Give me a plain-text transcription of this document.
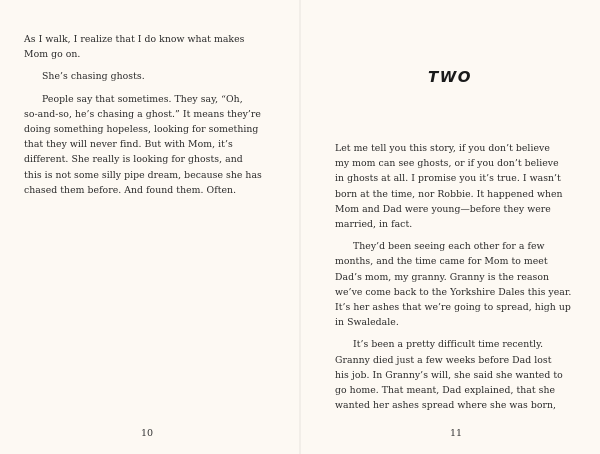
As I walk, I realize that I do know what makes
Mom go on.

She’s chasing ghosts.

People say that sometimes. They say, “Oh,
so-and-so, he’s chasing a ghost.” It means they’re
doing something hopeless, looking for something
that they will never find. But with Mom, it’s
different. She really is looking for ghosts, and
this is not some silly pipe dream, because she has
chased them before. And found them. Often.

10
TWO

Let me tell you this story, if you don’t believe
my mom can see ghosts, or if you don’t believe
in ghosts at all. I promise you it’s true. I wasn’t
born at the time, nor Robbie. It happened when
Mom and Dad were young—before they were
married, in fact.

They’d been seeing each other for a few
months, and the time came for Mom to meet
Dad’s mom, my granny. Granny is the reason
we’ve come back to the Yorkshire Dales this year.
It’s her ashes that we’re going to spread, high up
in Swaledale.

It’s been a pretty difficult time recently.
Granny died just a few weeks before Dad lost
his job. In Granny’s will, she said she wanted to
go home. That meant, Dad explained, that she
wanted her ashes spread where she was born,

11
